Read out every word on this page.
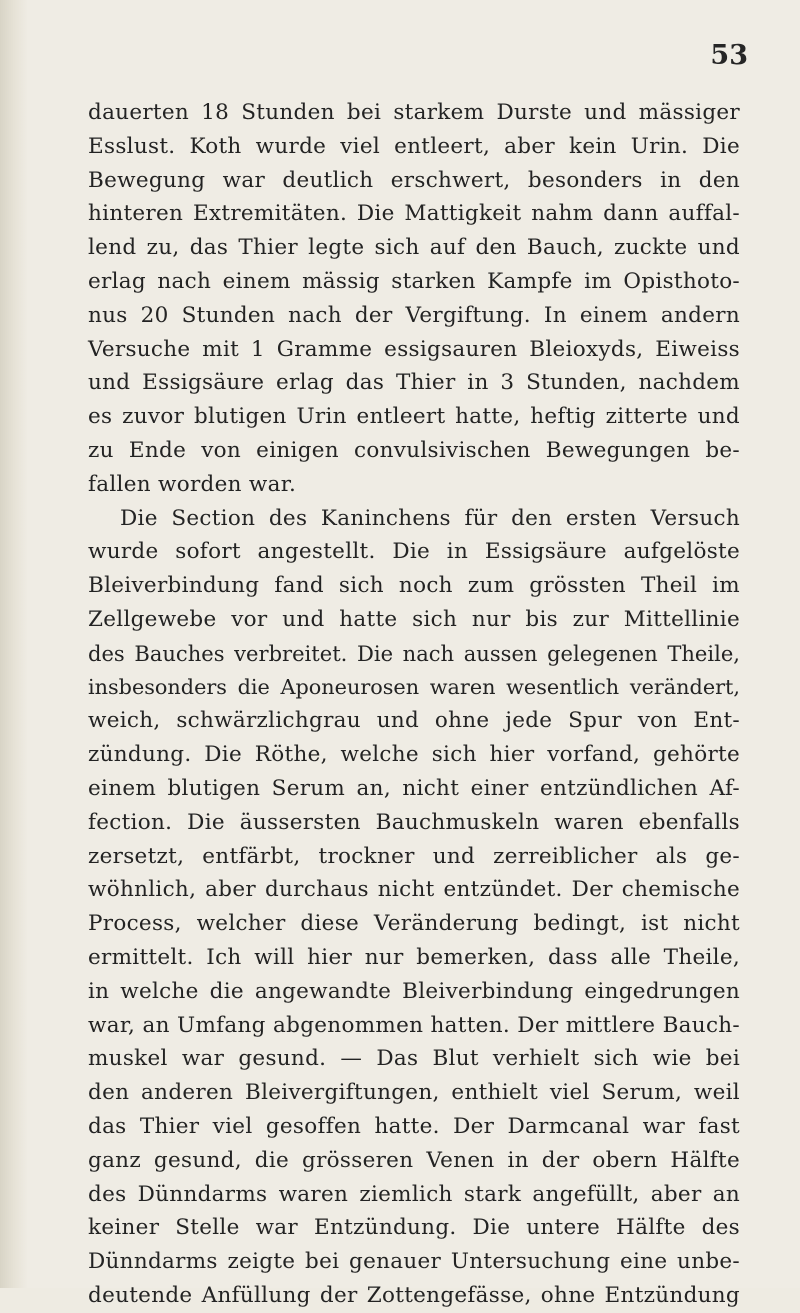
53
dauerten 18 Stunden bei starkem Durste und mässiger
Esslust. Koth wurde viel entleert, aber kein Urin. Die
Bewegung war deutlich erschwert, besonders in den
hinteren Extremitäten. Die Mattigkeit nahm dann auffal-
lend zu, das Thier legte sich auf den Bauch, zuckte und
erlag nach einem mässig starken Kampfe im Opisthoto-
nus 20 Stunden nach der Vergiftung. In einem andern
Versuche mit 1 Gramme essigsauren Bleioxyds, Eiweiss
und Essigsäure erlag das Thier in 3 Stunden, nachdem
es zuvor blutigen Urin entleert hatte, heftig zitterte und
zu Ende von einigen convulsivischen Bewegungen be-
fallen worden war.
Die Section des Kaninchens für den ersten Versuch
wurde sofort angestellt. Die in Essigsäure aufgelöste
Bleiverbindung fand sich noch zum grössten Theil im
Zellgewebe vor und hatte sich nur bis zur Mittellinie
des Bauches verbreitet. Die nach aussen gelegenen Theile,
insbesonders die Aponeurosen waren wesentlich verändert,
weich, schwärzlichgrau und ohne jede Spur von Ent-
zündung. Die Röthe, welche sich hier vorfand, gehörte
einem blutigen Serum an, nicht einer entzündlichen Af-
fection. Die äussersten Bauchmuskeln waren ebenfalls
zersetzt, entfärbt, trockner und zerreiblicher als ge-
wöhnlich, aber durchaus nicht entzündet. Der chemische
Process, welcher diese Veränderung bedingt, ist nicht
ermittelt. Ich will hier nur bemerken, dass alle Theile,
in welche die angewandte Bleiverbindung eingedrungen
war, an Umfang abgenommen hatten. Der mittlere Bauch-
muskel war gesund. — Das Blut verhielt sich wie bei
den anderen Bleivergiftungen, enthielt viel Serum, weil
das Thier viel gesoffen hatte. Der Darmcanal war fast
ganz gesund, die grösseren Venen in der obern Hälfte
des Dünndarms waren ziemlich stark angefüllt, aber an
keiner Stelle war Entzündung. Die untere Hälfte des
Dünndarms zeigte bei genauer Untersuchung eine unbe-
deutende Anfüllung der Zottengefässe, ohne Entzündung
